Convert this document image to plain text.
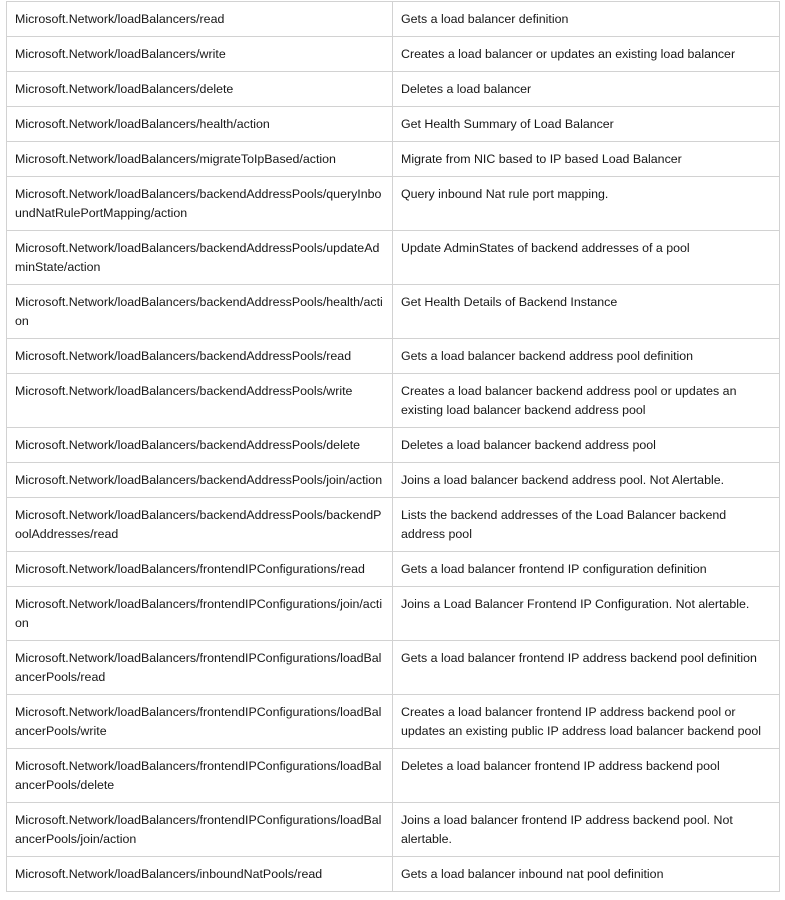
Microsoft.Network/loadBalancers/read	Gets a load balancer definition
Microsoft.Network/loadBalancers/write	Creates a load balancer or updates an existing load balancer
Microsoft.Network/loadBalancers/delete	Deletes a load balancer
Microsoft.Network/loadBalancers/health/action	Get Health Summary of Load Balancer
Microsoft.Network/loadBalancers/migrateToIpBased/action	Migrate from NIC based to IP based Load Balancer
Microsoft.Network/loadBalancers/backendAddressPools/queryInboundNatRulePortMapping/action	Query inbound Nat rule port mapping.
Microsoft.Network/loadBalancers/backendAddressPools/updateAdminState/action	Update AdminStates of backend addresses of a pool
Microsoft.Network/loadBalancers/backendAddressPools/health/action	Get Health Details of Backend Instance
Microsoft.Network/loadBalancers/backendAddressPools/read	Gets a load balancer backend address pool definition
Microsoft.Network/loadBalancers/backendAddressPools/write	Creates a load balancer backend address pool or updates an existing load balancer backend address pool
Microsoft.Network/loadBalancers/backendAddressPools/delete	Deletes a load balancer backend address pool
Microsoft.Network/loadBalancers/backendAddressPools/join/action	Joins a load balancer backend address pool. Not Alertable.
Microsoft.Network/loadBalancers/backendAddressPools/backendPoolAddresses/read	Lists the backend addresses of the Load Balancer backend address pool
Microsoft.Network/loadBalancers/frontendIPConfigurations/read	Gets a load balancer frontend IP configuration definition
Microsoft.Network/loadBalancers/frontendIPConfigurations/join/action	Joins a Load Balancer Frontend IP Configuration. Not alertable.
Microsoft.Network/loadBalancers/frontendIPConfigurations/loadBalancerPools/read	Gets a load balancer frontend IP address backend pool definition
Microsoft.Network/loadBalancers/frontendIPConfigurations/loadBalancerPools/write	Creates a load balancer frontend IP address backend pool or updates an existing public IP address load balancer backend pool
Microsoft.Network/loadBalancers/frontendIPConfigurations/loadBalancerPools/delete	Deletes a load balancer frontend IP address backend pool
Microsoft.Network/loadBalancers/frontendIPConfigurations/loadBalancerPools/join/action	Joins a load balancer frontend IP address backend pool. Not alertable.
Microsoft.Network/loadBalancers/inboundNatPools/read	Gets a load balancer inbound nat pool definition
